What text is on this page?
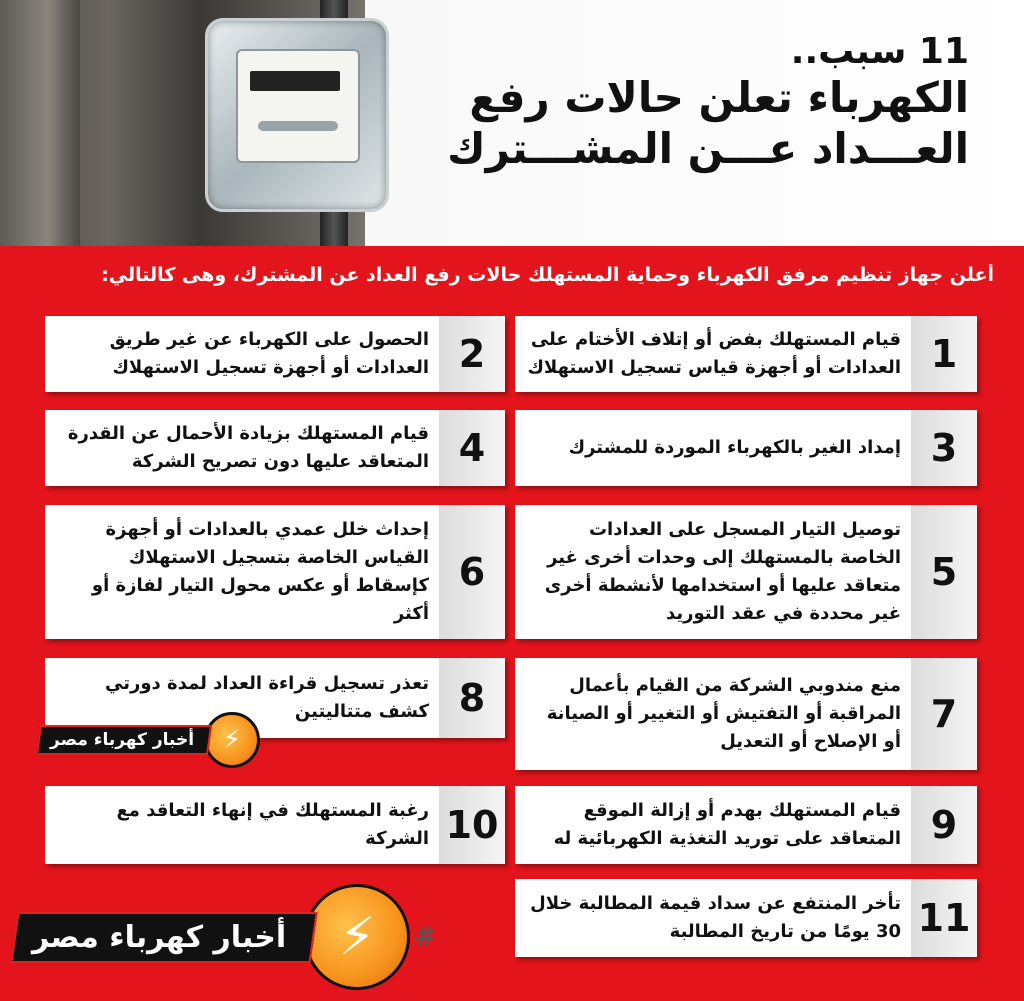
11 سبب..
الكهرباء تعلن حالات رفع
العـــداد عـــن المشـــترك
أعلن جهاز تنظيم مرفق الكهرباء وحماية المستهلك حالات رفع العداد عن المشترك، وهى كالتالي:
1
قيام المستهلك بفض أو إتلاف الأختام على العدادات أو أجهزة قياس تسجيل الاستهلاك
2
الحصول على الكهرباء عن غير طريق العدادات أو أجهزة تسجيل الاستهلاك
3
إمداد الغير بالكهرباء الموردة للمشترك
4
قيام المستهلك بزيادة الأحمال عن القدرة المتعاقد عليها دون تصريح الشركة
5
توصيل التيار المسجل على العدادات الخاصة بالمستهلك إلى وحدات أخرى غير متعاقد عليها أو استخدامها لأنشطة أخرى غير محددة في عقد التوريد
6
إحداث خلل عمدي بالعدادات أو أجهزة القياس الخاصة بتسجيل الاستهلاك كإسقاط أو عكس محول التيار لفازة أو أكثر
7
منع مندوبي الشركة من القيام بأعمال المراقبة أو التفتيش أو التغيير أو الصيانة أو الإصلاح أو التعديل
8
تعذر تسجيل قراءة العداد لمدة دورتي كشف متتاليتين
9
قيام المستهلك بهدم أو إزالة الموقع المتعاقد على توريد التغذية الكهربائية له
10
رغبة المستهلك في إنهاء التعاقد مع الشركة
11
تأخر المنتفع عن سداد قيمة المطالبة خلال 30 يومًا من تاريخ المطالبة
أخبار كهرباء مصر	⚡
أخبار كهرباء مصر	⚡	#
